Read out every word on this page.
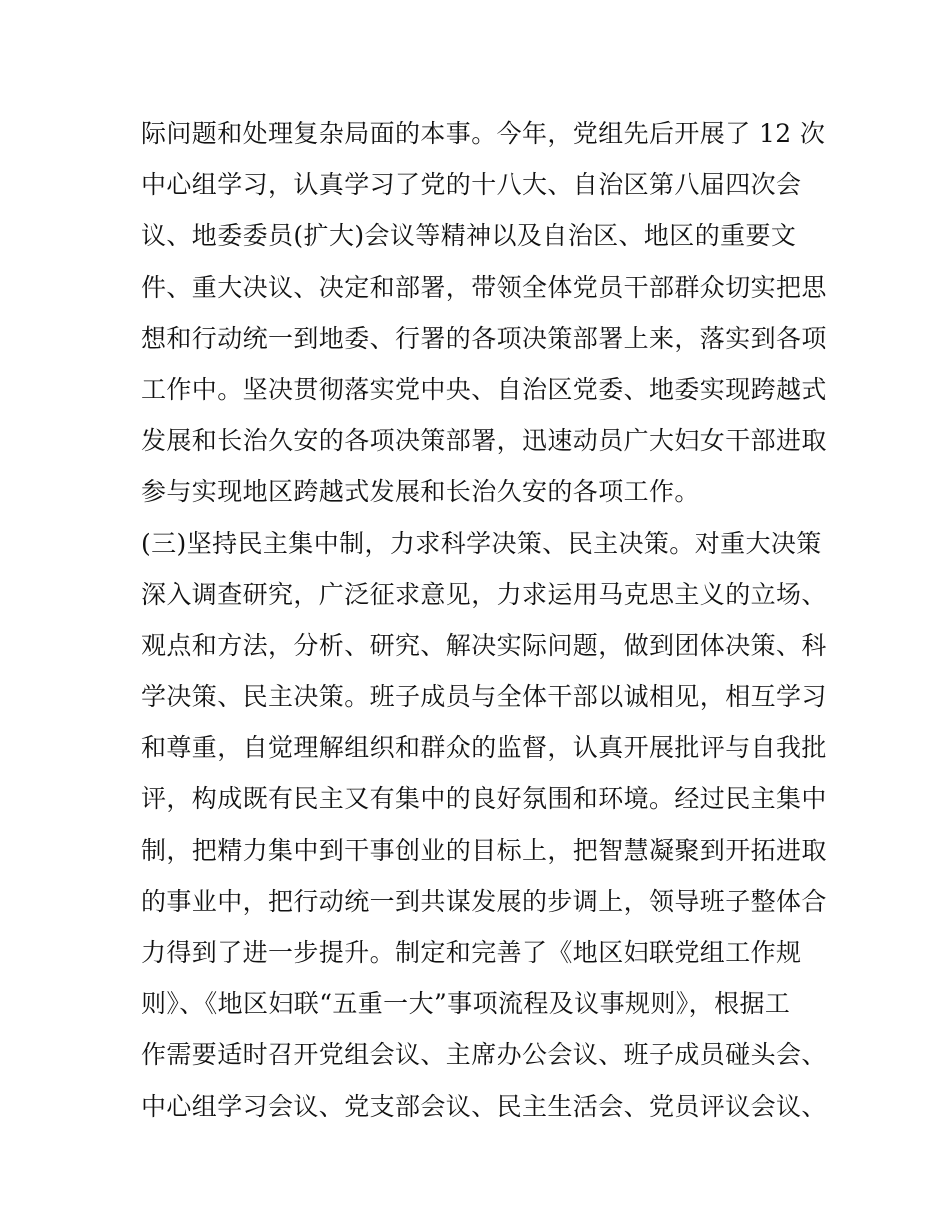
际问题和处理复杂局面的本事。今年，党组先后开展了 12 次
中心组学习，认真学习了党的十八大、自治区第八届四次会
议、地委委员(扩大)会议等精神以及自治区、地区的重要文
件、重大决议、决定和部署，带领全体党员干部群众切实把思
想和行动统一到地委、行署的各项决策部署上来，落实到各项
工作中。坚决贯彻落实党中央、自治区党委、地委实现跨越式
发展和长治久安的各项决策部署，迅速动员广大妇女干部进取
参与实现地区跨越式发展和长治久安的各项工作。
(三)坚持民主集中制，力求科学决策、民主决策。对重大决策
深入调查研究，广泛征求意见，力求运用马克思主义的立场、
观点和方法，分析、研究、解决实际问题，做到团体决策、科
学决策、民主决策。班子成员与全体干部以诚相见，相互学习
和尊重，自觉理解组织和群众的监督，认真开展批评与自我批
评，构成既有民主又有集中的良好氛围和环境。经过民主集中
制，把精力集中到干事创业的目标上，把智慧凝聚到开拓进取
的事业中，把行动统一到共谋发展的步调上，领导班子整体合
力得到了进一步提升。制定和完善了《地区妇联党组工作规
则》、《地区妇联“五重一大”事项流程及议事规则》，根据工
作需要适时召开党组会议、主席办公会议、班子成员碰头会、
中心组学习会议、党支部会议、民主生活会、党员评议会议、
